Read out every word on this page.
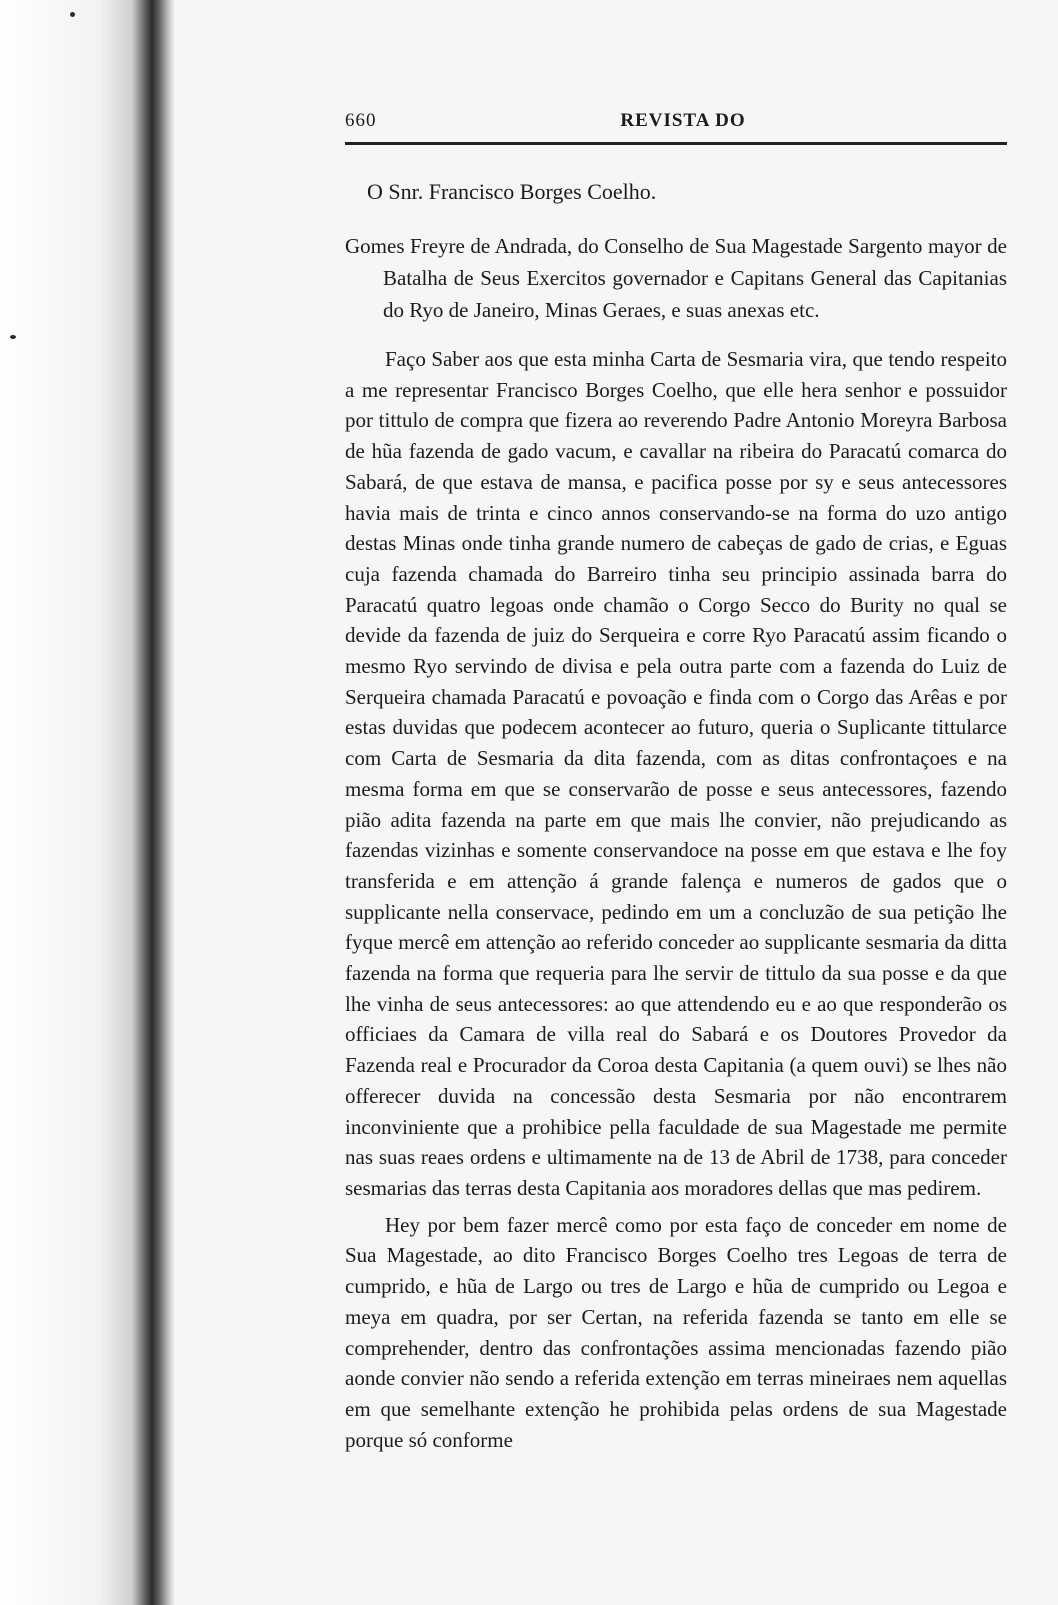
660	REVISTA DO
O Snr. Francisco Borges Coelho.

Gomes Freyre de Andrada, do Conselho de Sua Magestade Sargento mayor de Batalha de Seus Exercitos governador e Capitans General das Capitanias do Ryo de Janeiro, Minas Geraes, e suas anexas etc.

Faço Saber aos que esta minha Carta de Sesmaria vira, que tendo respeito a me representar Francisco Borges Coelho, que elle hera senhor e possuidor por tittulo de compra que fizera ao reverendo Padre Antonio Moreyra Barbosa de hũa fazenda de gado vacum, e cavallar na ribeira do Paracatú comarca do Sabará, de que estava de mansa, e pacifica posse por sy e seus antecessores havia mais de trinta e cinco annos conservando-se na forma do uzo antigo destas Minas onde tinha grande numero de cabeças de gado de crias, e Eguas cuja fazenda chamada do Barreiro tinha seu principio assinada barra do Paracatú quatro legoas onde chamão o Corgo Secco do Burity no qual se devide da fazenda de juiz do Serqueira e corre Ryo Paracatú assim ficando o mesmo Ryo servindo de divisa e pela outra parte com a fazenda do Luiz de Serqueira chamada Paracatú e povoação e finda com o Corgo das Arêas e por estas duvidas que podecem acontecer ao futuro, queria o Suplicante tittularce com Carta de Sesmaria da dita fazenda, com as ditas confrontaçoes e na mesma forma em que se conservarão de posse e seus antecessores, fazendo pião adita fazenda na parte em que mais lhe convier, não prejudicando as fazendas vizinhas e somente conservandoce na posse em que estava e lhe foy transferida e em attenção á grande falença e numeros de gados que o supplicante nella conservace, pedindo em um a concluzão de sua petição lhe fyque mercê em attenção ao referido conceder ao supplicante sesmaria da ditta fazenda na forma que requeria para lhe servir de tittulo da sua posse e da que lhe vinha de seus antecessores: ao que attendendo eu e ao que responderão os officiaes da Camara de villa real do Sabará e os Doutores Provedor da Fazenda real e Procurador da Coroa desta Capitania (a quem ouvi) se lhes não offerecer duvida na concessão desta Sesmaria por não encontrarem inconviniente que a prohibice pella faculdade de sua Magestade me permite nas suas reaes ordens e ultimamente na de 13 de Abril de 1738, para conceder sesmarias das terras desta Capitania aos moradores dellas que mas pedirem.

Hey por bem fazer mercê como por esta faço de conceder em nome de Sua Magestade, ao dito Francisco Borges Coelho tres Legoas de terra de cumprido, e hũa de Largo ou tres de Largo e hũa de cumprido ou Legoa e meya em quadra, por ser Certan, na referida fazenda se tanto em elle se comprehender, dentro das confrontações assima mencionadas fazendo pião aonde convier não sendo a referida extenção em terras mineiraes nem aquellas em que semelhante extenção he prohibida pelas ordens de sua Magestade porque só conforme
